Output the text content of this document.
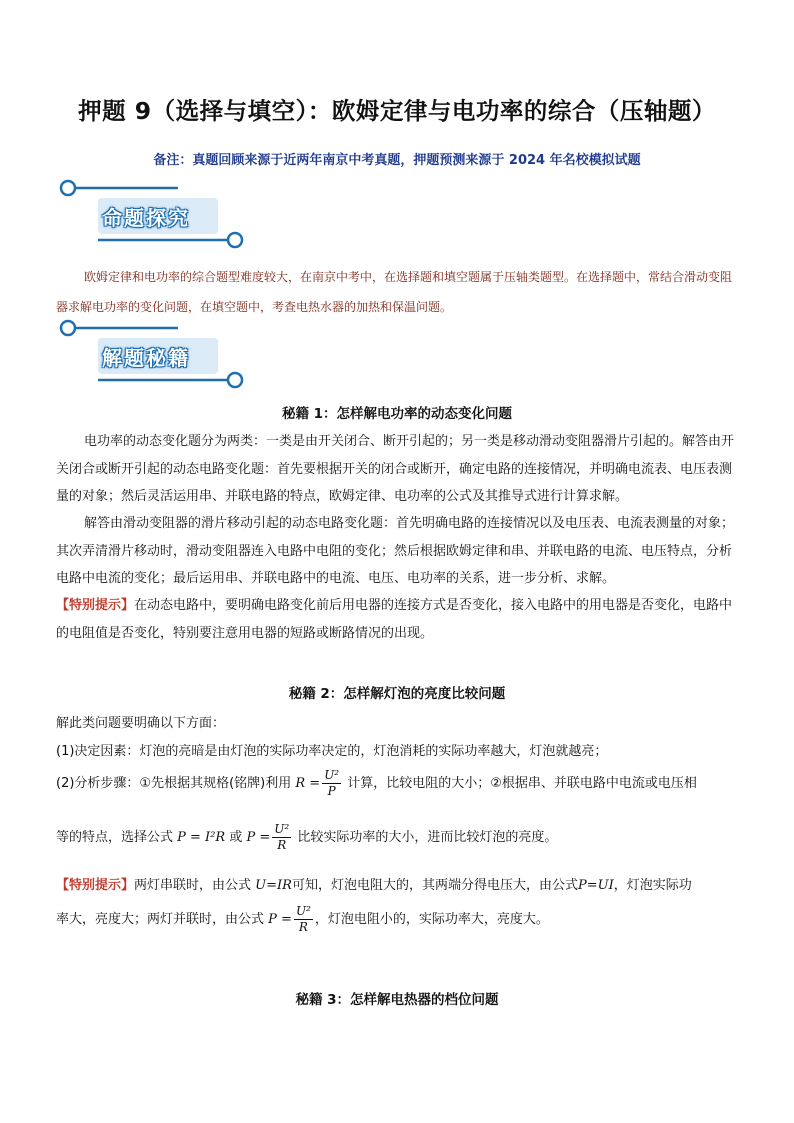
押题 9（选择与填空）：欧姆定律与电功率的综合（压轴题）
备注：真题回顾来源于近两年南京中考真题，押题预测来源于 2024 年名校模拟试题
命题探究
欧姆定律和电功率的综合题型难度较大，在南京中考中，在选择题和填空题属于压轴类题型。在选择题中，常结合滑动变阻器求解电功率的变化问题，在填空题中，考查电热水器的加热和保温问题。
解题秘籍
秘籍 1：怎样解电功率的动态变化问题
电功率的动态变化题分为两类：一类是由开关闭合、断开引起的；另一类是移动滑动变阻器滑片引起的。解答由开关闭合或断开引起的动态电路变化题：首先要根据开关的闭合或断开，确定电路的连接情况，并明确电流表、电压表测量的对象；然后灵活运用串、并联电路的特点，欧姆定律、电功率的公式及其推导式进行计算求解。
解答由滑动变阻器的滑片移动引起的动态电路变化题：首先明确电路的连接情况以及电压表、电流表测量的对象；其次弄清滑片移动时，滑动变阻器连入电路中电阻的变化；然后根据欧姆定律和串、并联电路的电流、电压特点，分析电路中电流的变化；最后运用串、并联电路中的电流、电压、电功率的关系，进一步分析、求解。
【特别提示】在动态电路中，要明确电路变化前后用电器的连接方式是否变化，接入电路中的用电器是否变化，电路中的电阻值是否变化，特别要注意用电器的短路或断路情况的出现。
秘籍 2：怎样解灯泡的亮度比较问题
解此类问题要明确以下方面：
(1)决定因素：灯泡的亮暗是由灯泡的实际功率决定的，灯泡消耗的实际功率越大，灯泡就越亮；
(2)分析步骤：①先根据其规格(铭牌)利用 $R = \frac{\text{U²}}{P}$ 计算，比较电阻的大小；②根据串、并联电路中电流或电压相
等的特点，选择公式 P = I²R 或 $P = \frac{\text{U²}}{R}$ 比较实际功率的大小，进而比较灯泡的亮度。
【特别提示】两灯串联时，由公式 U=IR可知，灯泡电阻大的，其两端分得电压大，由公式P=UI，灯泡实际功
率大，亮度大；两灯并联时，由公式 $P = \frac{\text{U²}}{R}$ ，灯泡电阻小的，实际功率大，亮度大。
秘籍 3：怎样解电热器的档位问题
